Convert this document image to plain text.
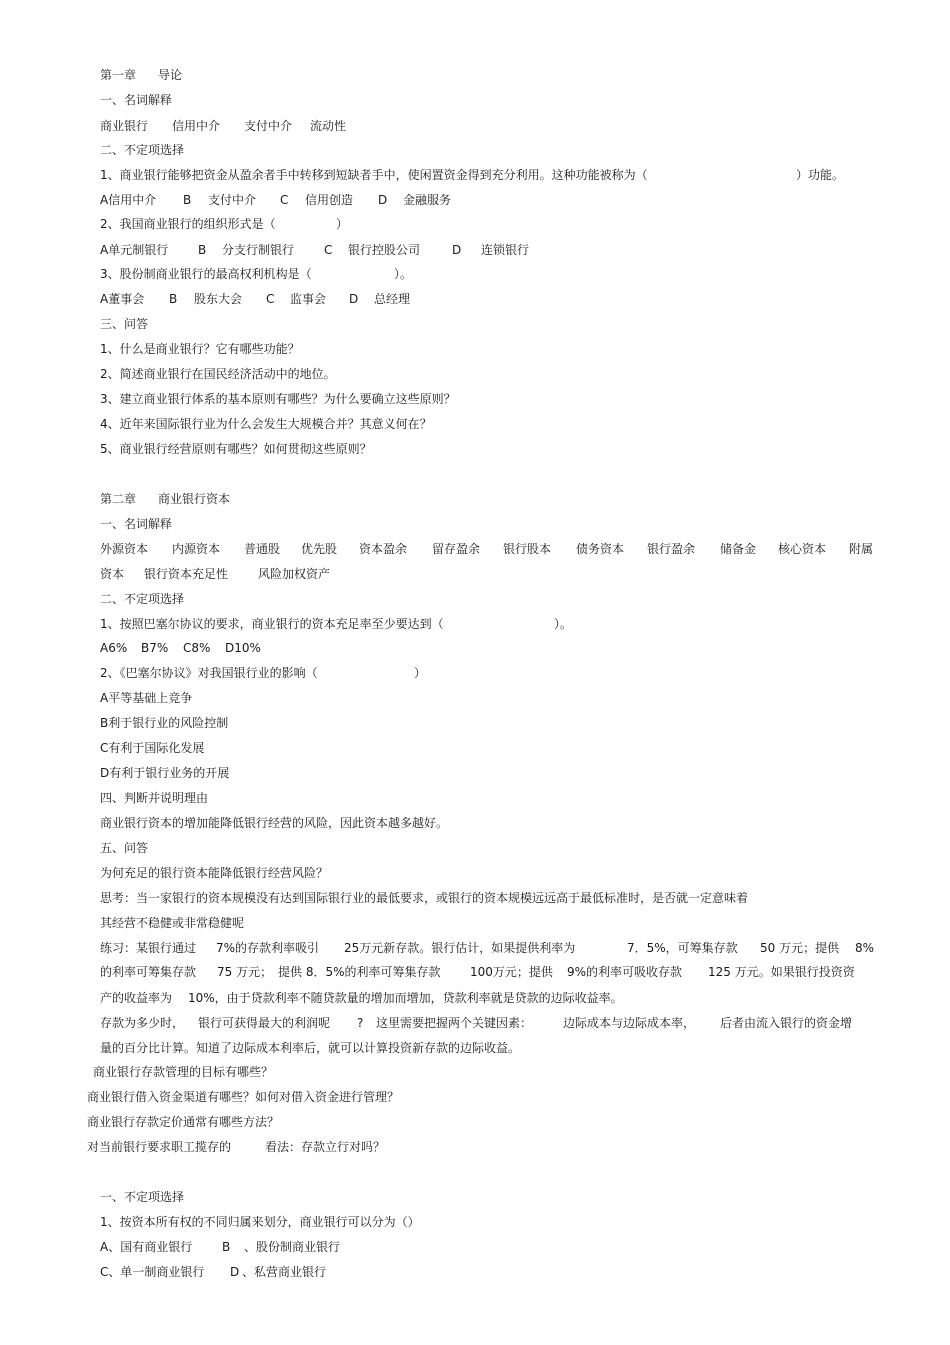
第一章

导论

一、名词解释

商业银行

信用中介

支付中介

流动性

二、不定项选择

1、商业银行能够把资金从盈余者手中转移到短缺者手中，使闲置资金得到充分利用。这种功能被称为（

	）功能。

A信用中介

B

支付中介

C

信用创造

D

金融服务

2、我国商业银行的组织形式是（

	）

A单元制银行

B

分支行制银行

C

银行控股公司

	D

连锁银行

3、股份制商业银行的最高权利机构是（

	）。

A董事会

B

股东大会

C

监事会

D

总经理

三、问答
1、什么是商业银行？它有哪些功能？
2、简述商业银行在国民经济活动中的地位。
3、建立商业银行体系的基本原则有哪些？为什么要确立这些原则？
4、近年来国际银行业为什么会发生大规模合并？其意义何在？
5、商业银行经营原则有哪些？如何贯彻这些原则？

第二章

商业银行资本

一、名词解释

外源资本

内源资本

普通股

优先股

资本盈余

留存盈余

银行股本

债务资本

银行盈余

储备金

核心资本

附属

资本

银行资本充足性

风险加权资产

二、不定项选择

1、按照巴塞尔协议的要求，商业银行的资本充足率至少要达到（

	）。

A6%

B7%

C8%

D10%

2、《巴塞尔协议》对我国银行业的影响（

	）

A平等基础上竞争
B利于银行业的风险控制
C有利于国际化发展
D有利于银行业务的开展
四、判断并说明理由
商业银行资本的增加能降低银行经营的风险，因此资本越多越好。
五、问答
为何充足的银行资本能降低银行经营风险？
思考：当一家银行的资本规模没有达到国际银行业的最低要求，或银行的资本规模远远高于最低标准时，是否就一定意味着
其经营不稳健或非常稳健呢

练习：某银行通过

7%的存款利率吸引

25万元新存款。银行估计，如果提供利率为

	7．5%，可筹集存款

50 万元；提供

8%

的利率可筹集存款

75 万元；

提供 8．5%的利率可筹集存款

100万元；提供

9%的利率可吸收存款

125 万元。如果银行投资资

产的收益率为

10%，由于贷款利率不随贷款量的增加而增加，贷款利率就是贷款的边际收益率。

存款为多少时，

银行可获得最大的利润呢

?

这里需要把握两个关键因素：

	边际成本与边际成本率，

后者由流入银行的资金增

量的百分比计算。知道了边际成本利率后，就可以计算投资新存款的边际收益。
商业银行存款管理的目标有哪些？
商业银行借入资金渠道有哪些？如何对借入资金进行管理？
商业银行存款定价通常有哪些方法？

对当前银行要求职工揽存的

	看法：存款立行对吗？

一、不定项选择
1、按资本所有权的不同归属来划分，商业银行可以分为（）

A、国有商业银行

B

、股份制商业银行

C、单一制商业银行

D

、私营商业银行
